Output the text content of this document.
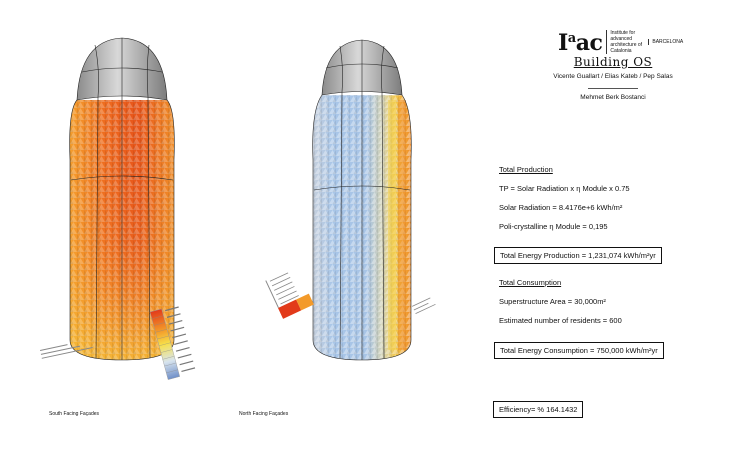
$I^aac$	Institute for advanced architecture of Catalonia
BARCELONA
Building OS
Vicente Guallart / Elias Kateb / Pep Salas
Mehmet Berk Bostanci
Total Production
TP = Solar Radiation x η Module x 0.75
Solar Radiation = 8.4176e+6 kWh/m²
Poli-crystalline η Module = 0,195
Total Energy Production = 1,231,074 kWh/m²yr
Total Consumption
Superstructure Area = 30,000m²
Estimated number of residents = 600
Total Energy Consumption = 750,000 kWh/m²yr
Efficiency= % 164.1432
South Facing Façades	North Facing Façades
